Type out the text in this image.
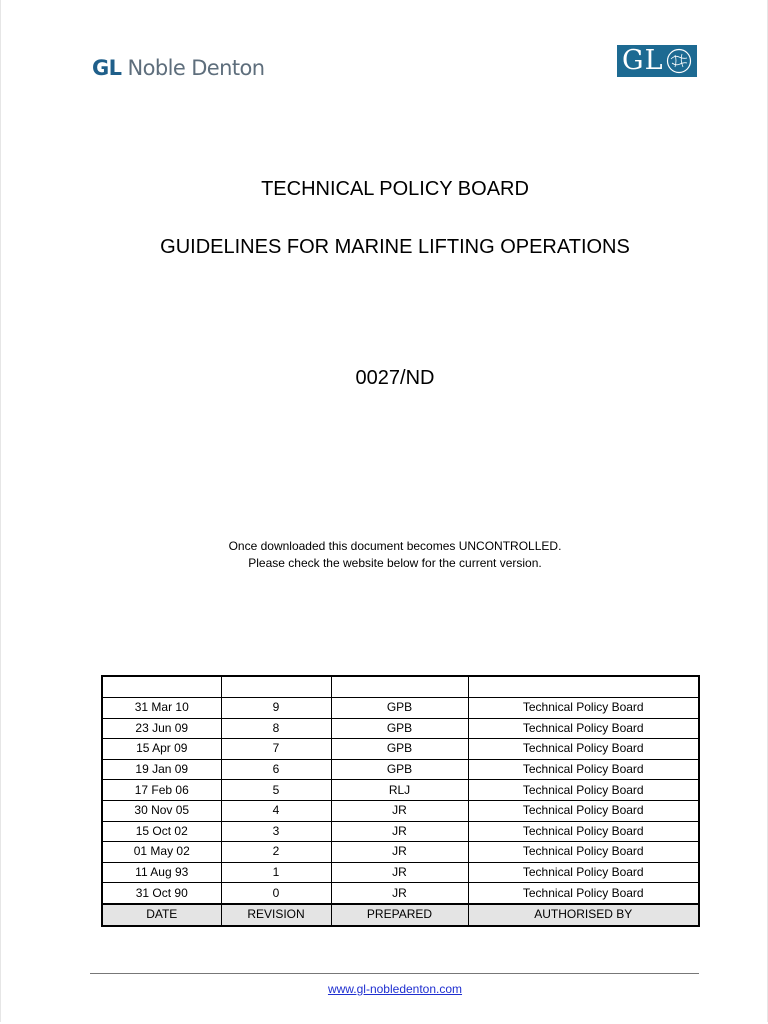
GL Noble Denton	GL
TECHNICAL POLICY BOARD
GUIDELINES FOR MARINE LIFTING OPERATIONS
0027/ND
Once downloaded this document becomes UNCONTROLLED.
Please check the website below for the current version.

31 Mar 10	9	GPB	Technical Policy Board
23 Jun 09	8	GPB	Technical Policy Board
15 Apr 09	7	GPB	Technical Policy Board
19 Jan 09	6	GPB	Technical Policy Board
17 Feb 06	5	RLJ	Technical Policy Board
30 Nov 05	4	JR	Technical Policy Board
15 Oct 02	3	JR	Technical Policy Board
01 May 02	2	JR	Technical Policy Board
11 Aug 93	1	JR	Technical Policy Board
31 Oct 90	0	JR	Technical Policy Board
DATE	REVISION	PREPARED	AUTHORISED BY
www.gl-nobledenton.com
